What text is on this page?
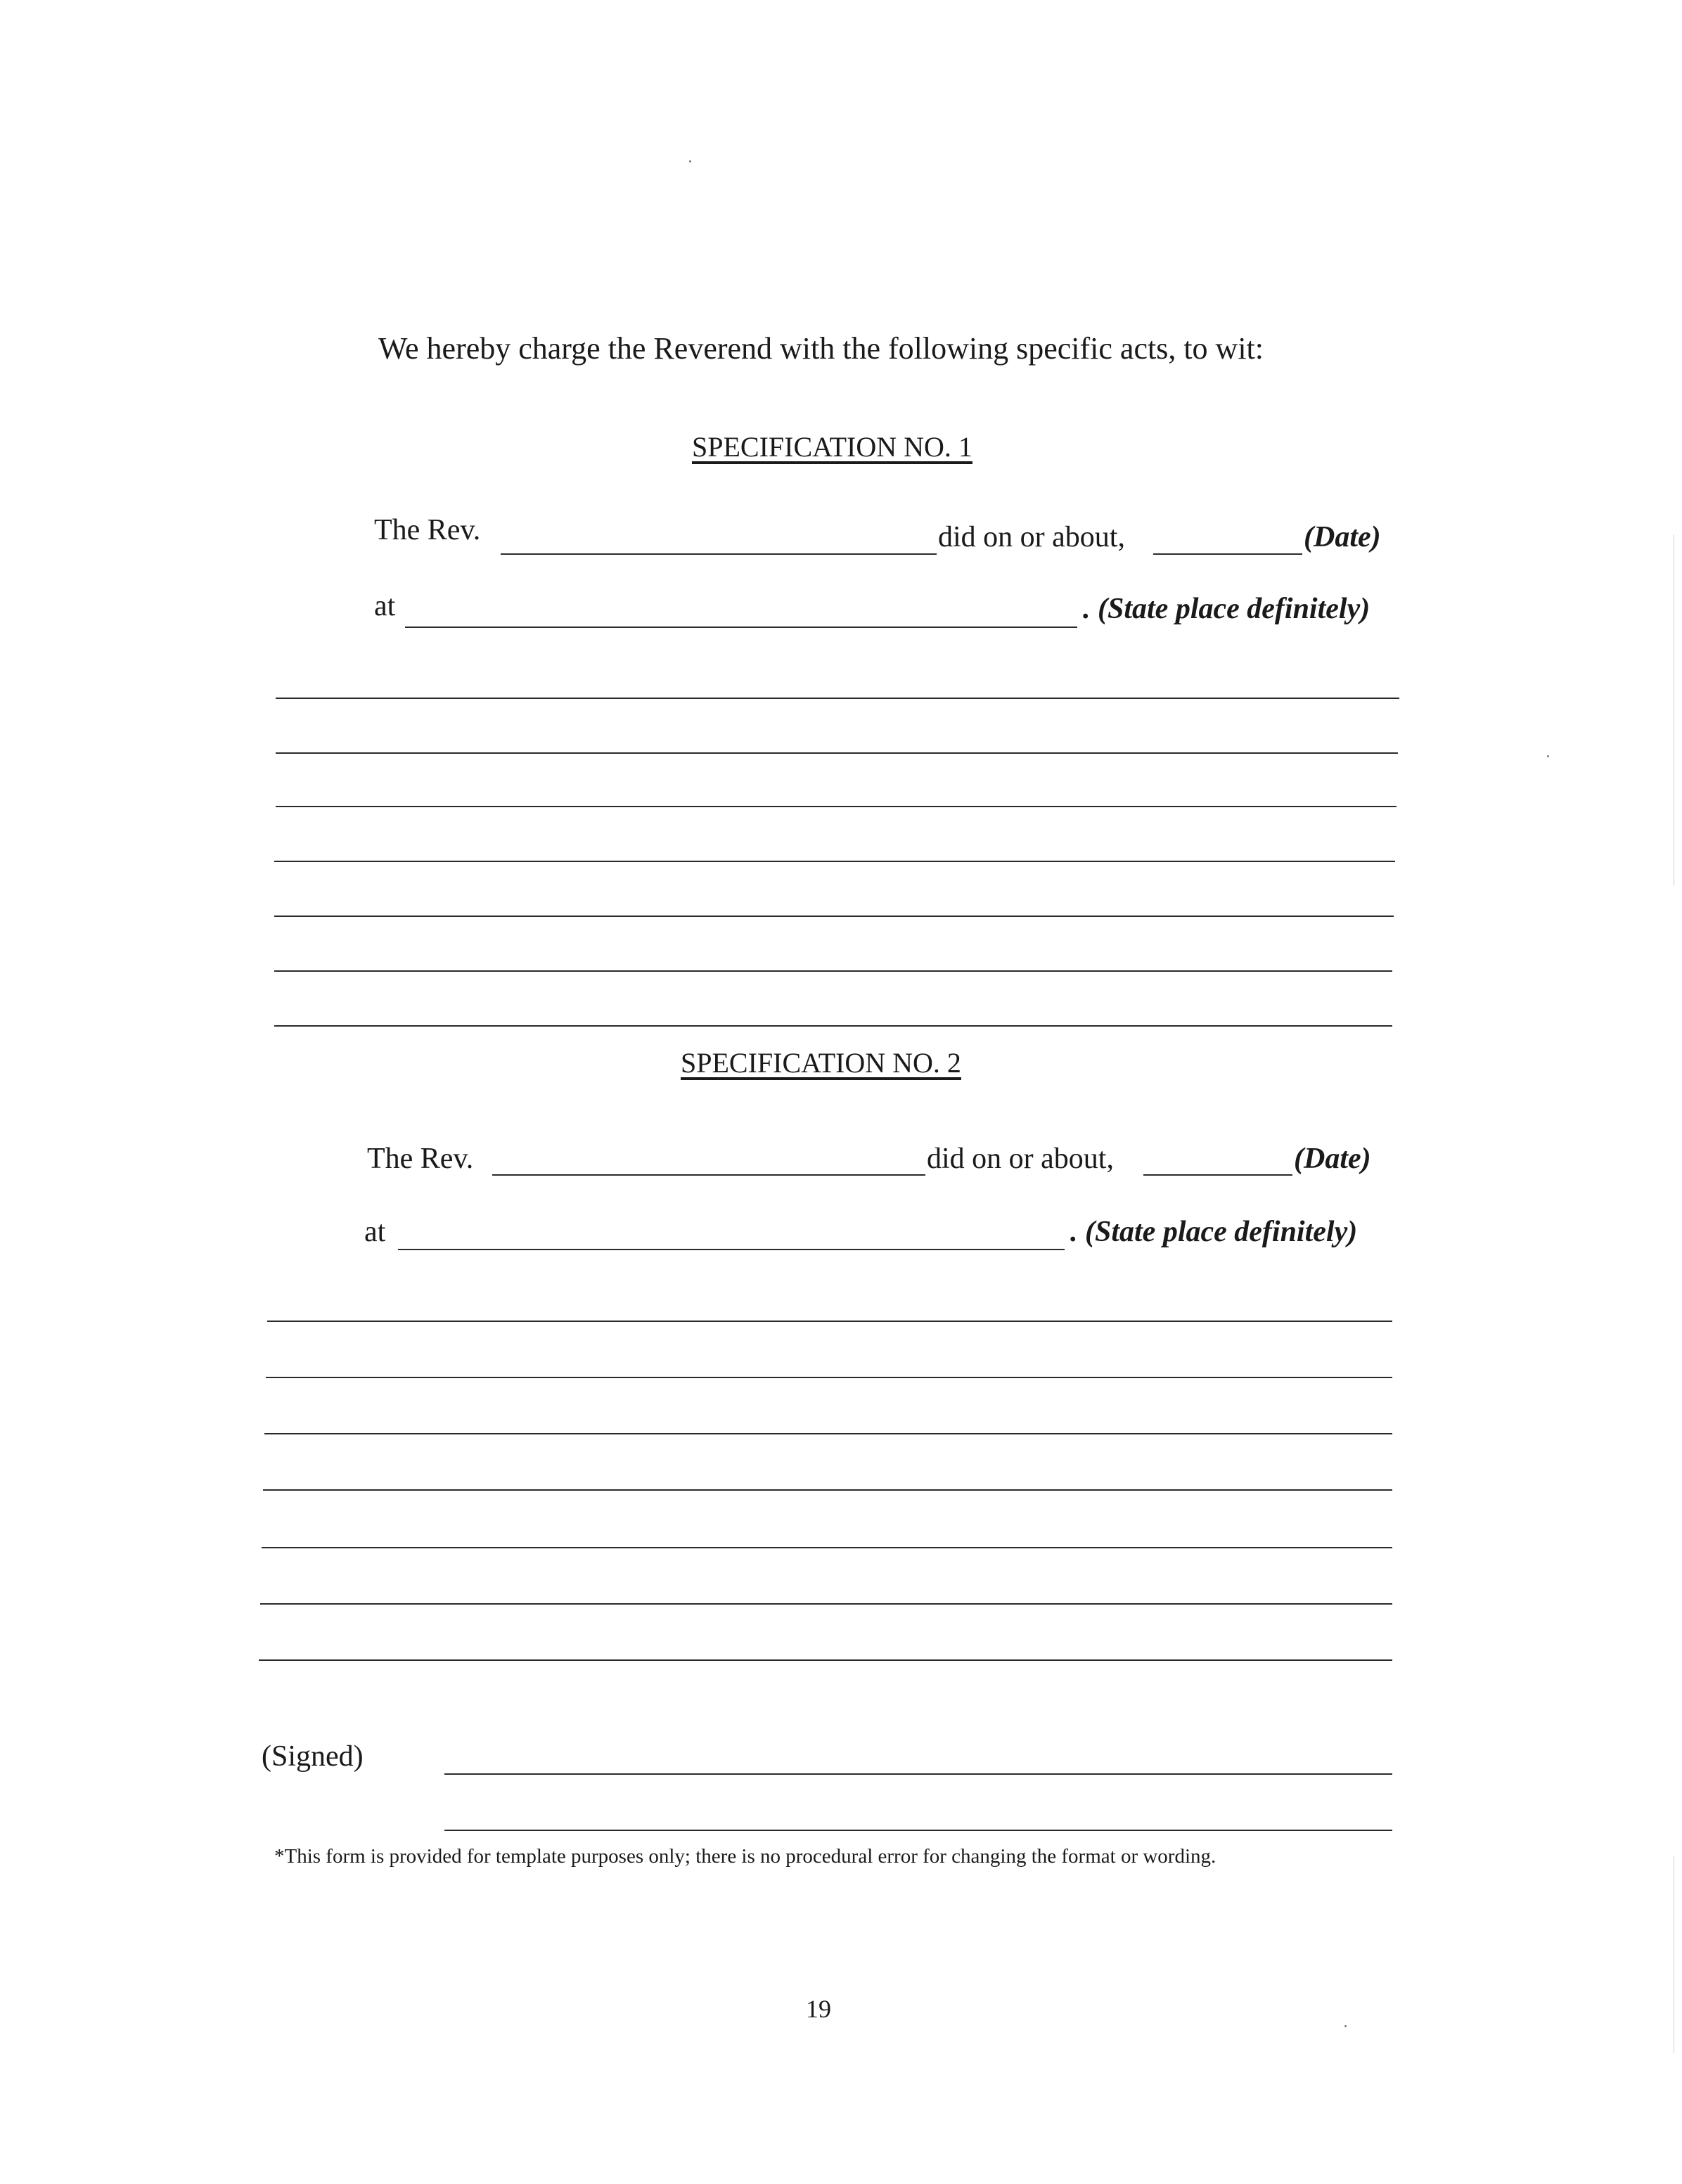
We hereby charge the Reverend with the following specific acts, to wit:
SPECIFICATION NO. 1
The Rev.	did on or about,	(Date)
at	. (State place definitely)
SPECIFICATION NO. 2
The Rev.	did on or about,	(Date)
at	. (State place definitely)
(Signed)
*This form is provided for template purposes only; there is no procedural error for changing the format or wording.
19
